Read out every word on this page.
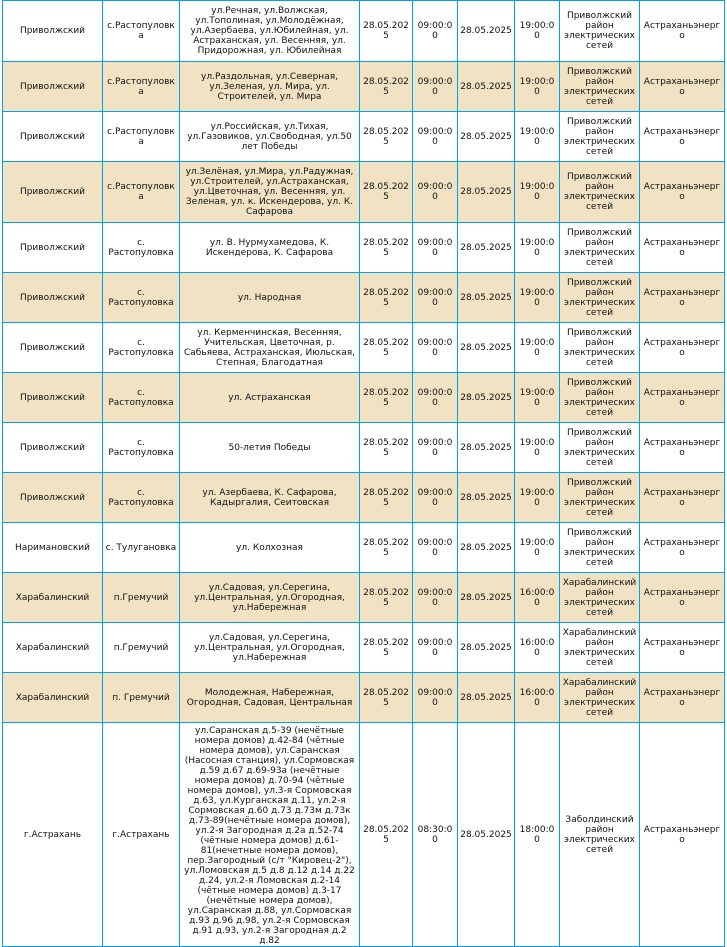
Приволжский	с.Растопуловка	ул.Речная, ул.Волжская, ул.Тополиная, ул.Молодёжная, ул.Азербаева, ул.Юбилейная, ул. Астраханская, ул. Весенняя, ул. Придорожная, ул. Юбилейная	28.05.2025	09:00:00	28.05.2025	19:00:00	Приволжский район электрических сетей	Астраханьэнерго
Приволжский	с.Растопуловка	ул.Раздольная, ул.Северная, ул.Зеленая, ул. Мира, ул. Строителей, ул. Мира	28.05.2025	09:00:00	28.05.2025	19:00:00	Приволжский район электрических сетей	Астраханьэнерго
Приволжский	с.Растопуловка	ул.Российская, ул.Тихая, ул.Газовиков, ул.Свободная, ул.50 лет Победы	28.05.2025	09:00:00	28.05.2025	19:00:00	Приволжский район электрических сетей	Астраханьэнерго
Приволжский	с.Растопуловка	ул.Зелёная, ул.Мира, ул.Радужная, ул.Строителей, ул.Астраханская, ул.Цветочная, ул. Весенняя, ул. Зеленая, ул. к. Искендерова, ул. К. Сафарова	28.05.2025	09:00:00	28.05.2025	19:00:00	Приволжский район электрических сетей	Астраханьэнерго
Приволжский	с. Растопуловка	ул. В. Нурмухамедова, К. Искендерова, К. Сафарова	28.05.2025	09:00:00	28.05.2025	19:00:00	Приволжский район электрических сетей	Астраханьэнерго
Приволжский	с. Растопуловка	ул. Народная	28.05.2025	09:00:00	28.05.2025	19:00:00	Приволжский район электрических сетей	Астраханьэнерго
Приволжский	с. Растопуловка	ул. Керменчинская, Весенняя, Учительская, Цветочная, р. Сабьяева, Астраханская, Июльская, Степная, Благодатная	28.05.2025	09:00:00	28.05.2025	19:00:00	Приволжский район электрических сетей	Астраханьэнерго
Приволжский	с. Растопуловка	ул. Астраханская	28.05.2025	09:00:00	28.05.2025	19:00:00	Приволжский район электрических сетей	Астраханьэнерго
Приволжский	с. Растопуловка	50-летия Победы	28.05.2025	09:00:00	28.05.2025	19:00:00	Приволжский район электрических сетей	Астраханьэнерго
Приволжский	с. Растопуловка	ул. Азербаева, К. Сафарова, Кадыргалия, Сеитовская	28.05.2025	09:00:00	28.05.2025	19:00:00	Приволжский район электрических сетей	Астраханьэнерго
Наримановский	с. Тулугановка	ул. Колхозная	28.05.2025	09:00:00	28.05.2025	19:00:00	Приволжский район электрических сетей	Астраханьэнерго
Харабалинский	п.Гремучий	ул.Садовая, ул.Серегина, ул.Центральная, ул.Огородная, ул.Набережная	28.05.2025	09:00:00	28.05.2025	16:00:00	Харабалинский район электрических сетей	Астраханьэнерго
Харабалинский	п.Гремучий	ул.Садовая, ул.Серегина, ул.Центральная, ул.Огородная, ул.Набережная	28.05.2025	09:00:00	28.05.2025	16:00:00	Харабалинский район электрических сетей	Астраханьэнерго
Харабалинский	п. Гремучий	Молодежная, Набережная, Огородная, Садовая, Центральная	28.05.2025	09:00:00	28.05.2025	16:00:00	Харабалинский район электрических сетей	Астраханьэнерго
г.Астрахань	г.Астрахань	ул.Саранская д.5-39 (нечётные номера домов) д.42-84 (чётные номера домов), ул.Саранская (Насосная станция), ул.Сормовская д.59 д.67 д.69-93а (нечётные номера домов) д.70-94 (чётные номера домов), ул.3-я Сормовская д.63, ул.Курганская д.11, ул.2-я Сормовская д.60 д.73 д.73м д.73к д.73-89(нечётные номера домов), ул.2-я Загородная д.2а д.52-74 (чётные номера домов) д.61-81(нечетные номера домов), пер.Загородный (с/т "Кировец-2"), ул.Ломовская д.5 д.8 д.12 д.14 д.22 д.24, ул.2-я Ломовская д.2-14 (чётные номера домов) д.3-17 (нечётные номера домов), ул.Саранская д.88, ул.Сормовская д.93 д.96 д.98, ул.2-я Сормовская д.91 д.93, ул.2-я Загородная д.2 д.82	28.05.2025	08:30:00	28.05.2025	18:00:00	Заболдинский район электрических сетей	Астраханьэнерго
